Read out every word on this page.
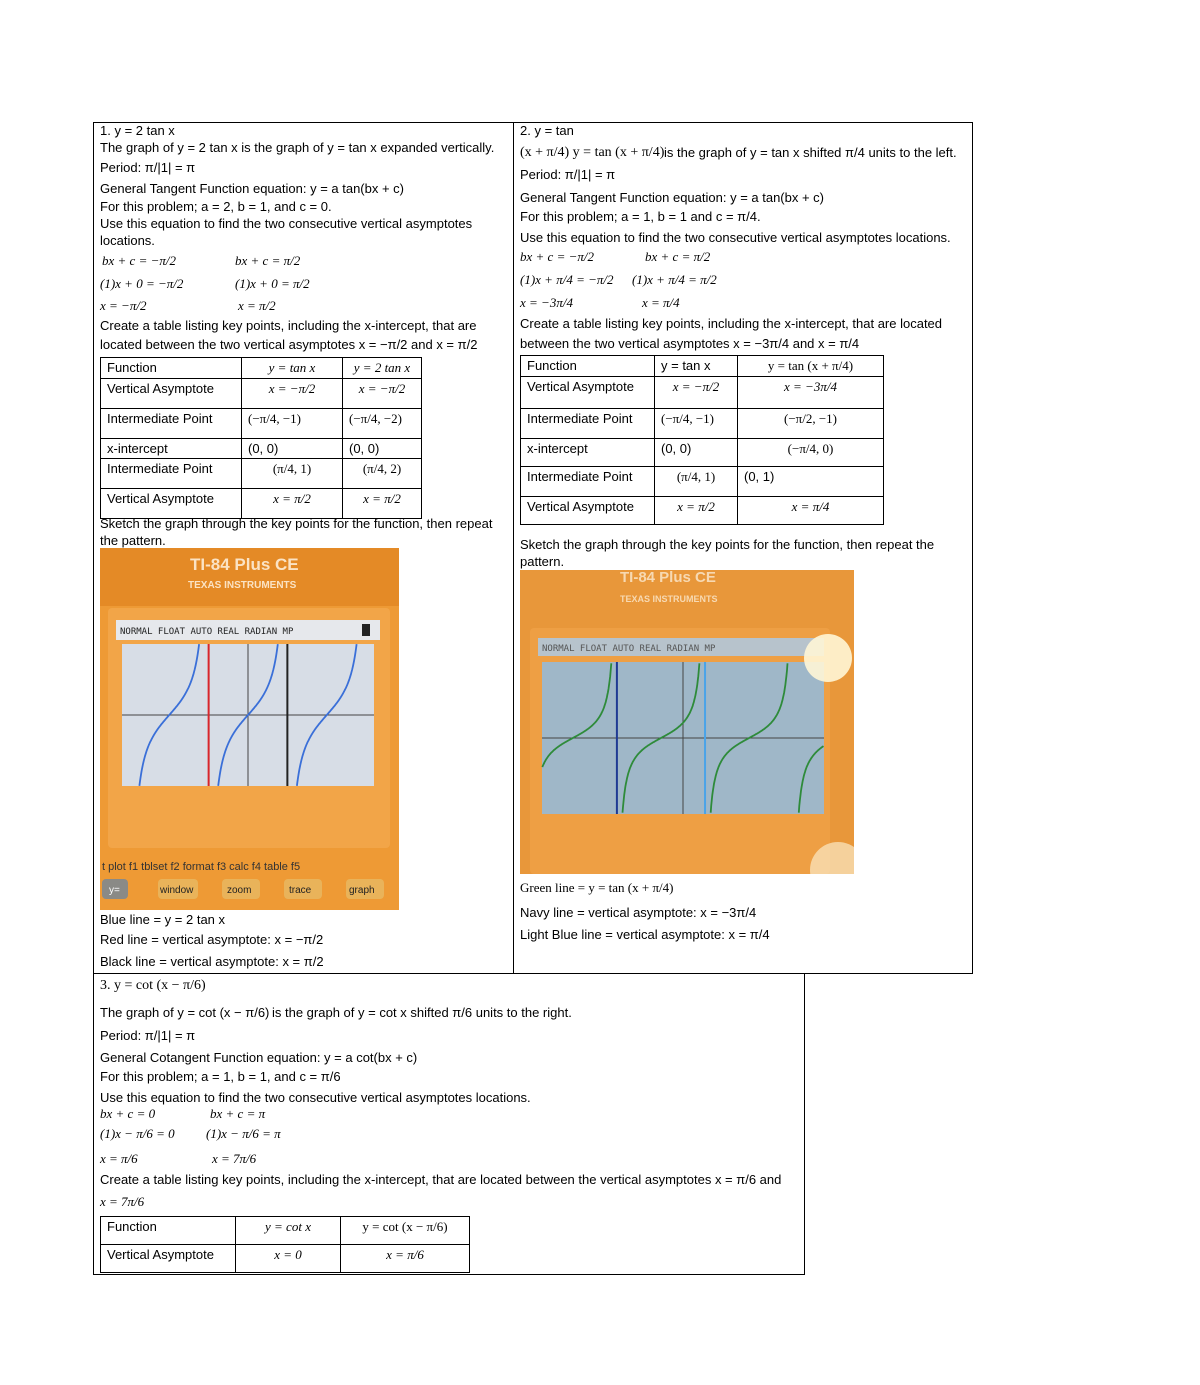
1. y = 2 tan x
The graph of y = 2 tan x is the graph of y = tan x expanded vertically.
Period: π/|1| = π
General Tangent Function equation: y = a tan(bx + c)
For this problem; a = 2, b = 1, and c = 0.
Use this equation to find the two consecutive vertical asymptotes
locations.
bx + c = −π/2
(1)x + 0 = −π/2
x = −π/2
bx + c = π/2
(1)x + 0 = π/2
x = π/2
Create a table listing key points, including the x-intercept, that are
located between the two vertical asymptotes x = −π/2 and x = π/2
Function	y = tan x	y = 2 tan x
Vertical Asymptote	x = −π/2	x = −π/2
Intermediate Point	(−π/4, −1)	(−π/4, −2)
x-intercept	(0, 0)	(0, 0)
Intermediate Point	(π/4, 1)	(π/4, 2)
Vertical Asymptote	x = π/2	x = π/2
Sketch the graph through the key points for the function, then repeat
the pattern.
TI-84 Plus CE
TEXAS INSTRUMENTS
NORMAL FLOAT AUTO REAL RADIAN MP
t plot f1 tblset f2 format f3 calc f4 table f5
y=	window	zoom	trace	graph
Blue line = y = 2 tan x
Red line = vertical asymptote: x = −π/2
Black line = vertical asymptote: x = π/2
2. y = tan
(x + π/4) y = tan (x + π/4) is the graph of y = tan x shifted π/4 units to the left.
Period: π/|1| = π
General Tangent Function equation: y = a tan(bx + c)
For this problem; a = 1, b = 1 and c = π/4.
Use this equation to find the two consecutive vertical asymptotes locations.
bx + c = −π/2
(1)x + π/4 = −π/2
x = −3π/4
bx + c = π/2
(1)x + π/4 = π/2
x = π/4
Create a table listing key points, including the x-intercept, that are located
between the two vertical asymptotes x = −3π/4 and x = π/4
Function	y = tan x	y = tan (x + π/4)
Vertical Asymptote	x = −π/2	x = −3π/4
Intermediate Point	(−π/4, −1)	(−π/2, −1)
x-intercept	(0, 0)	(−π/4, 0)
Intermediate Point	(π/4, 1)	(0, 1)
Vertical Asymptote	x = π/2	x = π/4
Sketch the graph through the key points for the function, then repeat the
pattern.
TI-84 Plus CE
TEXAS INSTRUMENTS
NORMAL FLOAT AUTO REAL RADIAN MP
Green line = y = tan (x + π/4)
Navy line = vertical asymptote: x = −3π/4
Light Blue line = vertical asymptote: x = π/4
3. y = cot (x − π/6)
The graph of y = cot (x − π/6) is the graph of y = cot x shifted π/6 units to the right.
Period: π/|1| = π
General Cotangent Function equation: y = a cot(bx + c)
For this problem; a = 1, b = 1, and c = π/6
Use this equation to find the two consecutive vertical asymptotes locations.
bx + c = 0
(1)x − π/6 = 0
x = π/6
bx + c = π
(1)x − π/6 = π
x = 7π/6
Create a table listing key points, including the x-intercept, that are located between the vertical asymptotes x = π/6 and
x = 7π/6
Function	y = cot x	y = cot (x − π/6)
Vertical Asymptote	x = 0	x = π/6
